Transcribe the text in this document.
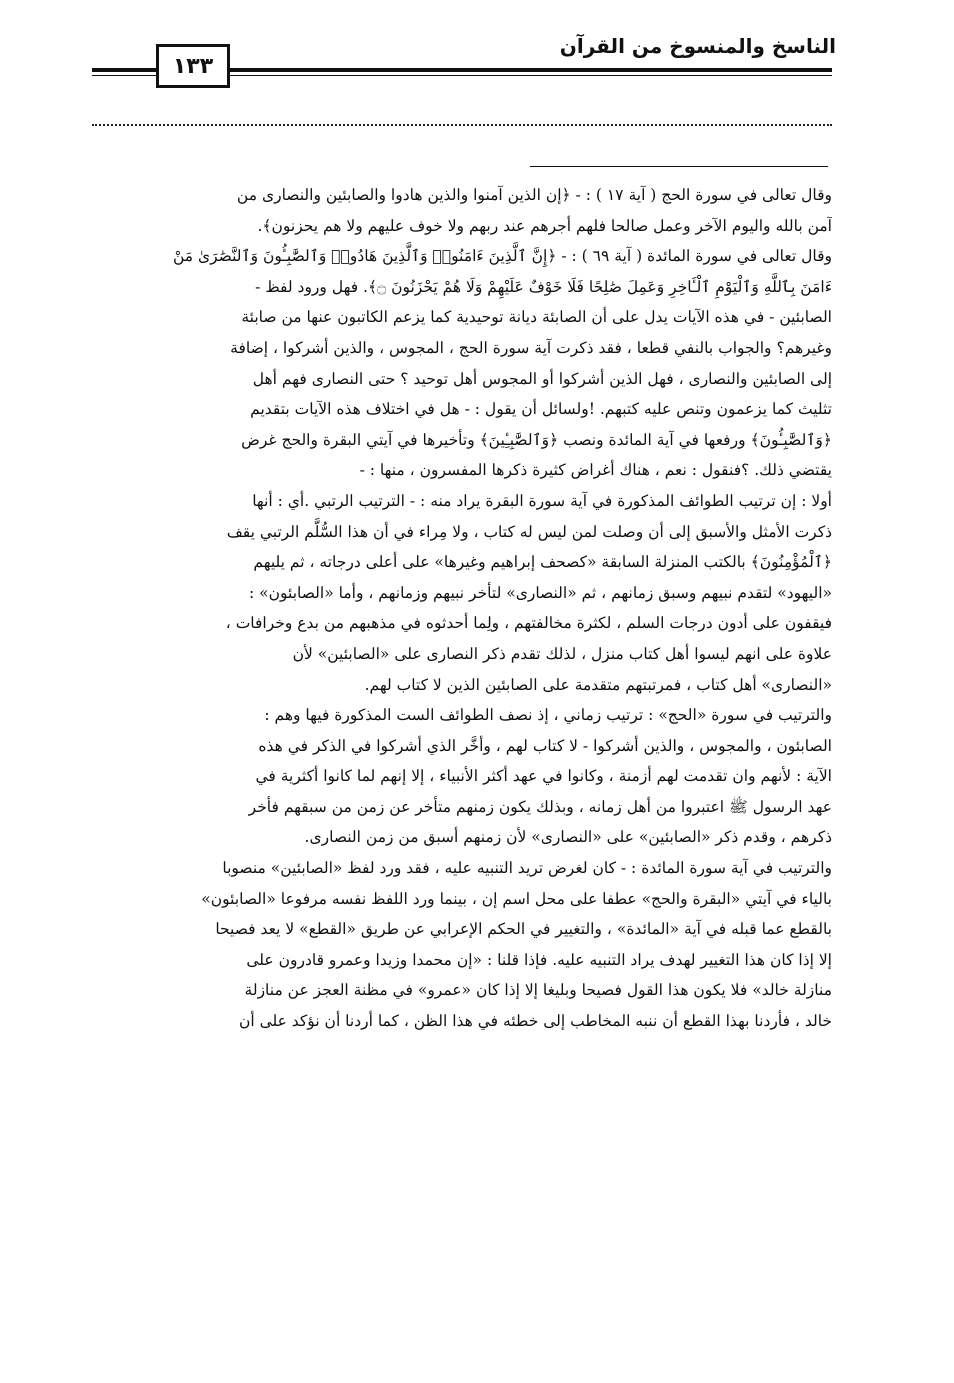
الناسخ والمنسوخ من القرآن
١٣٣

وقال تعالى في سورة الحج ( آية ١٧ ) : - ﴿إن الذين آمنوا والذين هادوا والصابئين والنصارى من

آمن بالله واليوم الآخر وعمل صالحا فلهم أجرهم عند ربهم ولا خوف عليهم ولا هم يحزنون﴾.

وقال تعالى في سورة المائدة ( آية ٦٩ ) : - ﴿إِنَّ ٱلَّذِينَ ءَامَنُوا۟ وَٱلَّذِينَ هَادُوا۟ وَٱلصَّٰبِـُٔونَ وَٱلنَّصَٰرَىٰ مَنْ

ءَامَنَ بِٱللَّهِ وَٱلْيَوْمِ ٱلْـَٔاخِرِ وَعَمِلَ صَٰلِحًا فَلَا خَوْفٌ عَلَيْهِمْ وَلَا هُمْ يَحْزَنُونَ ۝﴾. فهل ورود لفظ -

الصابئين - في هذه الآيات يدل على أن الصابئة ديانة توحيدية كما يزعم الكاتبون عنها من صابئة

وغيرهم؟ والجواب بالنفي قطعا ، فقد ذكرت آية سورة الحج ، المجوس ، والذين أشركوا ، إضافة

إلى الصابئين والنصارى ، فهل الذين أشركوا أو المجوس أهل توحيد ؟ حتى النصارى فهم أهل

تثليث كما يزعمون وتنص عليه كتبهم. !ولسائل أن يقول : - هل في اختلاف هذه الآيات بتقديم

﴿وَٱلصَّٰبِـُٔونَ﴾ ورفعها في آية المائدة ونصب ﴿وَٱلصَّٰبِـِٔينَ﴾ وتأخيرها في آيتي البقرة والحج غرض

يقتضي ذلك. ؟فنقول : نعم ، هناك أغراض كثيرة ذكرها المفسرون ، منها : -

أولا : إن ترتيب الطوائف المذكورة في آية سورة البقرة يراد منه : - الترتيب الرتبي .أي : أنها

ذكرت الأمثل والأسبق إلى أن وصلت لمن ليس له كتاب ، ولا مِراء في أن هذا السُّلَّم الرتبي يقف

﴿ٱلْمُؤْمِنُونَ﴾ بالكتب المنزلة السابقة «كصحف إبراهيم وغيرها» على أعلى درجاته ، ثم يليهم

«اليهود» لتقدم نبيهم وسبق زمانهم ، ثم «النصارى» لتأخر نبيهم وزمانهم ، وأما «الصابئون» :

فيقفون على أدون درجات السلم ، لكثرة مخالفتهم ، ولِما أحدثوه في مذهبهم من بدع وخرافات ،

علاوة على انهم ليسوا أهل كتاب منزل ، لذلك تقدم ذكر النصارى على «الصابئين» لأن

«النصارى» أهل كتاب ، فمرتبتهم متقدمة على الصابئين الذين لا كتاب لهم.

والترتيب في سورة «الحج» : ترتيب زماني ، إذ نصف الطوائف الست المذكورة فيها وهم :

الصابئون ، والمجوس ، والذين أشركوا - لا كتاب لهم ، وأخَّر الذي أشركوا في الذكر في هذه

الآية : لأنهم وان تقدمت لهم أزمنة ، وكانوا في عهد أكثر الأنبياء ، إلا إنهم لما كانوا أكثرية في

عهد الرسول ﷺ اعتبروا من أهل زمانه ، وبذلك يكون زمنهم متأخر عن زمن من سبقهم فأخر

ذكرهم ، وقدم ذكر «الصابئين» على «النصارى» لأن زمنهم أسبق من زمن النصارى.

والترتيب في آية سورة المائدة : - كان لغرض تريد التنبيه عليه ، فقد ورد لفظ «الصابئين» منصوبا

بالياء في آيتي «البقرة والحج» عطفا على محل اسم إن ، بينما ورد اللفظ نفسه مرفوعا «الصابئون»

بالقطع عما قبله في آية «المائدة» ، والتغيير في الحكم الإعرابي عن طريق «القطع» لا يعد فصيحا

إلا إذا كان هذا التغيير لهدف يراد التنبيه عليه. فإذا قلنا : «إن محمدا وزيدا وعمرو قادرون على

منازلة خالد» فلا يكون هذا القول فصيحا وبليغا إلا إذا كان «عمرو» في مظنة العجز عن منازلة

خالد ، فأردنا بهذا القطع أن ننبه المخاطب إلى خطئه في هذا الظن ، كما أردنا أن نؤكد على أن
